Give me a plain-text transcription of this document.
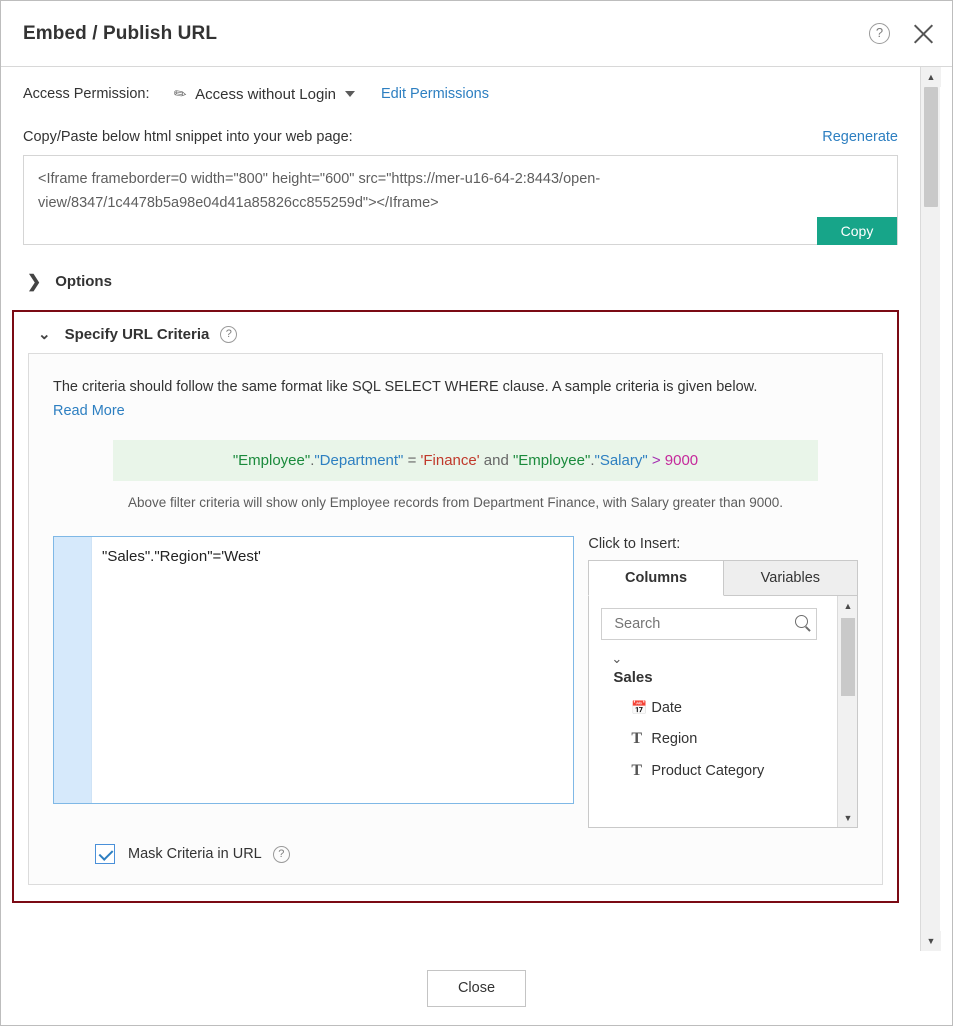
Embed / Publish URL	?
Access Permission: ✎ Access without Login	Edit Permissions
Copy/Paste below html snippet into your web page:	Regenerate
<Iframe frameborder=0 width="800" height="600" src="https://mer-u16-64-2:8443/open-view/8347/1c4478b5a98e04d41a85826cc855259d"></Iframe>
Copy
❯ Options
⌄ Specify URL Criteria	?
The criteria should follow the same format like SQL SELECT WHERE clause. A sample criteria is given below.
Read More
"Employee"."Department" = 'Finance' and "Employee"."Salary" > 9000
Above filter criteria will show only Employee records from Department Finance, with Salary greater than 9000.
"Sales"."Region"='West'
Click to Insert:
Columns	Variables
Search
⌄
Sales
📅 Date
T Region
T Product Category
▲
▼
Mask Criteria in URL	?
▲
▼
Close
